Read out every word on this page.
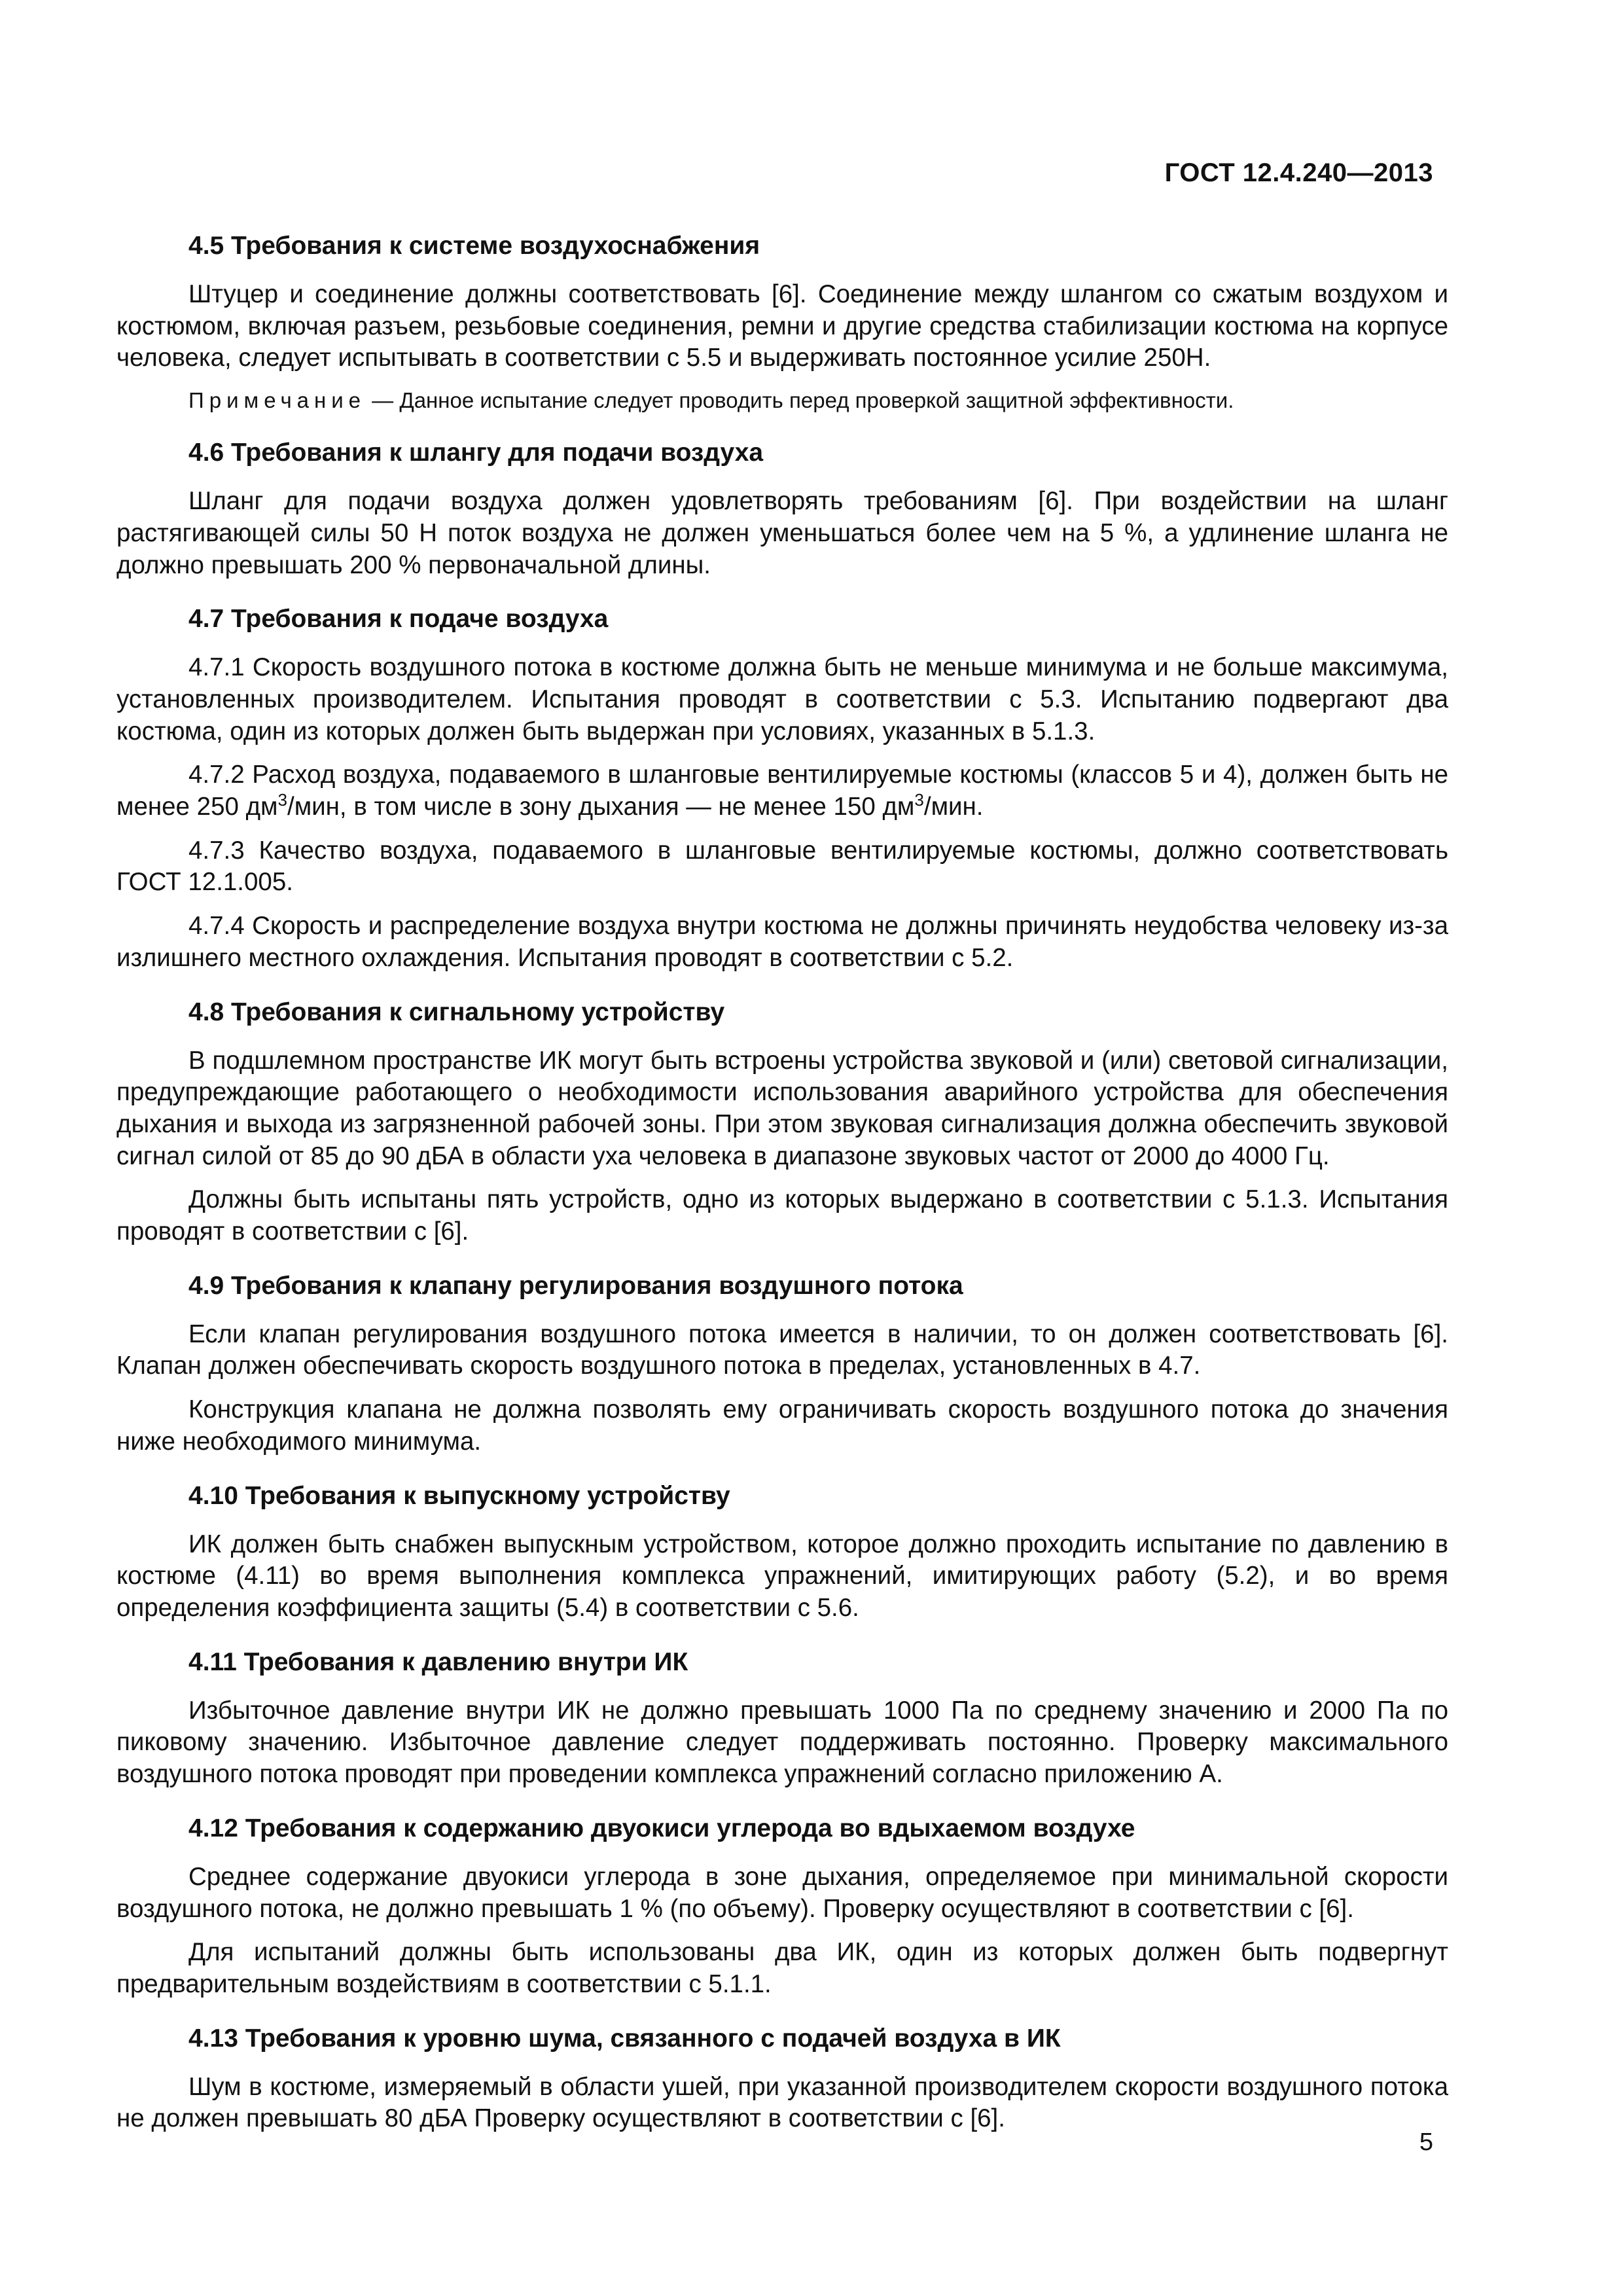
ГОСТ 12.4.240—2013
4.5 Требования к системе воздухоснабжения

Штуцер и соединение должны соответствовать [6]. Соединение между шлангом со сжатым воздухом и костюмом, включая разъем, резьбовые соединения, ремни и другие средства стабилизации костюма на корпусе человека, следует испытывать в соответствии с 5.5 и выдерживать постоянное усилие 250Н.

Примечание — Данное испытание следует проводить перед проверкой защитной эффективности.

4.6 Требования к шлангу для подачи воздуха

Шланг для подачи воздуха должен удовлетворять требованиям [6]. При воздействии на шланг растягивающей силы 50 Н поток воздуха не должен уменьшаться более чем на 5 %, а удлинение шланга не должно превышать 200 % первоначальной длины.

4.7 Требования к подаче воздуха

4.7.1 Скорость воздушного потока в костюме должна быть не меньше минимума и не больше максимума, установленных производителем. Испытания проводят в соответствии с 5.3. Испытанию подвергают два костюма, один из которых должен быть выдержан при условиях, указанных в 5.1.3.

4.7.2 Расход воздуха, подаваемого в шланговые вентилируемые костюмы (классов 5 и 4), должен быть не менее 250 $дм^3$/мин, в том числе в зону дыхания — не менее 150 $дм^3$/мин.

4.7.3 Качество воздуха, подаваемого в шланговые вентилируемые костюмы, должно соответствовать ГОСТ 12.1.005.

4.7.4 Скорость и распределение воздуха внутри костюма не должны причинять неудобства человеку из-за излишнего местного охлаждения. Испытания проводят в соответствии с 5.2.

4.8 Требования к сигнальному устройству

В подшлемном пространстве ИК могут быть встроены устройства звуковой и (или) световой сигнализации, предупреждающие работающего о необходимости использования аварийного устройства для обеспечения дыхания и выхода из загрязненной рабочей зоны. При этом звуковая сигнализация должна обеспечить звуковой сигнал силой от 85 до 90 дБА в области уха человека в диапазоне звуковых частот от 2000 до 4000 Гц.

Должны быть испытаны пять устройств, одно из которых выдержано в соответствии с 5.1.3. Испытания проводят в соответствии с [6].

4.9 Требования к клапану регулирования воздушного потока

Если клапан регулирования воздушного потока имеется в наличии, то он должен соответствовать [6]. Клапан должен обеспечивать скорость воздушного потока в пределах, установленных в 4.7.

Конструкция клапана не должна позволять ему ограничивать скорость воздушного потока до значения ниже необходимого минимума.

4.10 Требования к выпускному устройству

ИК должен быть снабжен выпускным устройством, которое должно проходить испытание по давлению в костюме (4.11) во время выполнения комплекса упражнений, имитирующих работу (5.2), и во время определения коэффициента защиты (5.4) в соответствии с 5.6.

4.11 Требования к давлению внутри ИК

Избыточное давление внутри ИК не должно превышать 1000 Па по среднему значению и 2000 Па по пиковому значению. Избыточное давление следует поддерживать постоянно. Проверку максимального воздушного потока проводят при проведении комплекса упражнений согласно приложению А.

4.12 Требования к содержанию двуокиси углерода во вдыхаемом воздухе

Среднее содержание двуокиси углерода в зоне дыхания, определяемое при минимальной скорости воздушного потока, не должно превышать 1 % (по объему). Проверку осуществляют в соответствии с [6].

Для испытаний должны быть использованы два ИК, один из которых должен быть подвергнут предварительным воздействиям в соответствии с 5.1.1.

4.13 Требования к уровню шума, связанного с подачей воздуха в ИК

Шум в костюме, измеряемый в области ушей, при указанной производителем скорости воздушного потока не должен превышать 80 дБА Проверку осуществляют в соответствии с [6].

5
